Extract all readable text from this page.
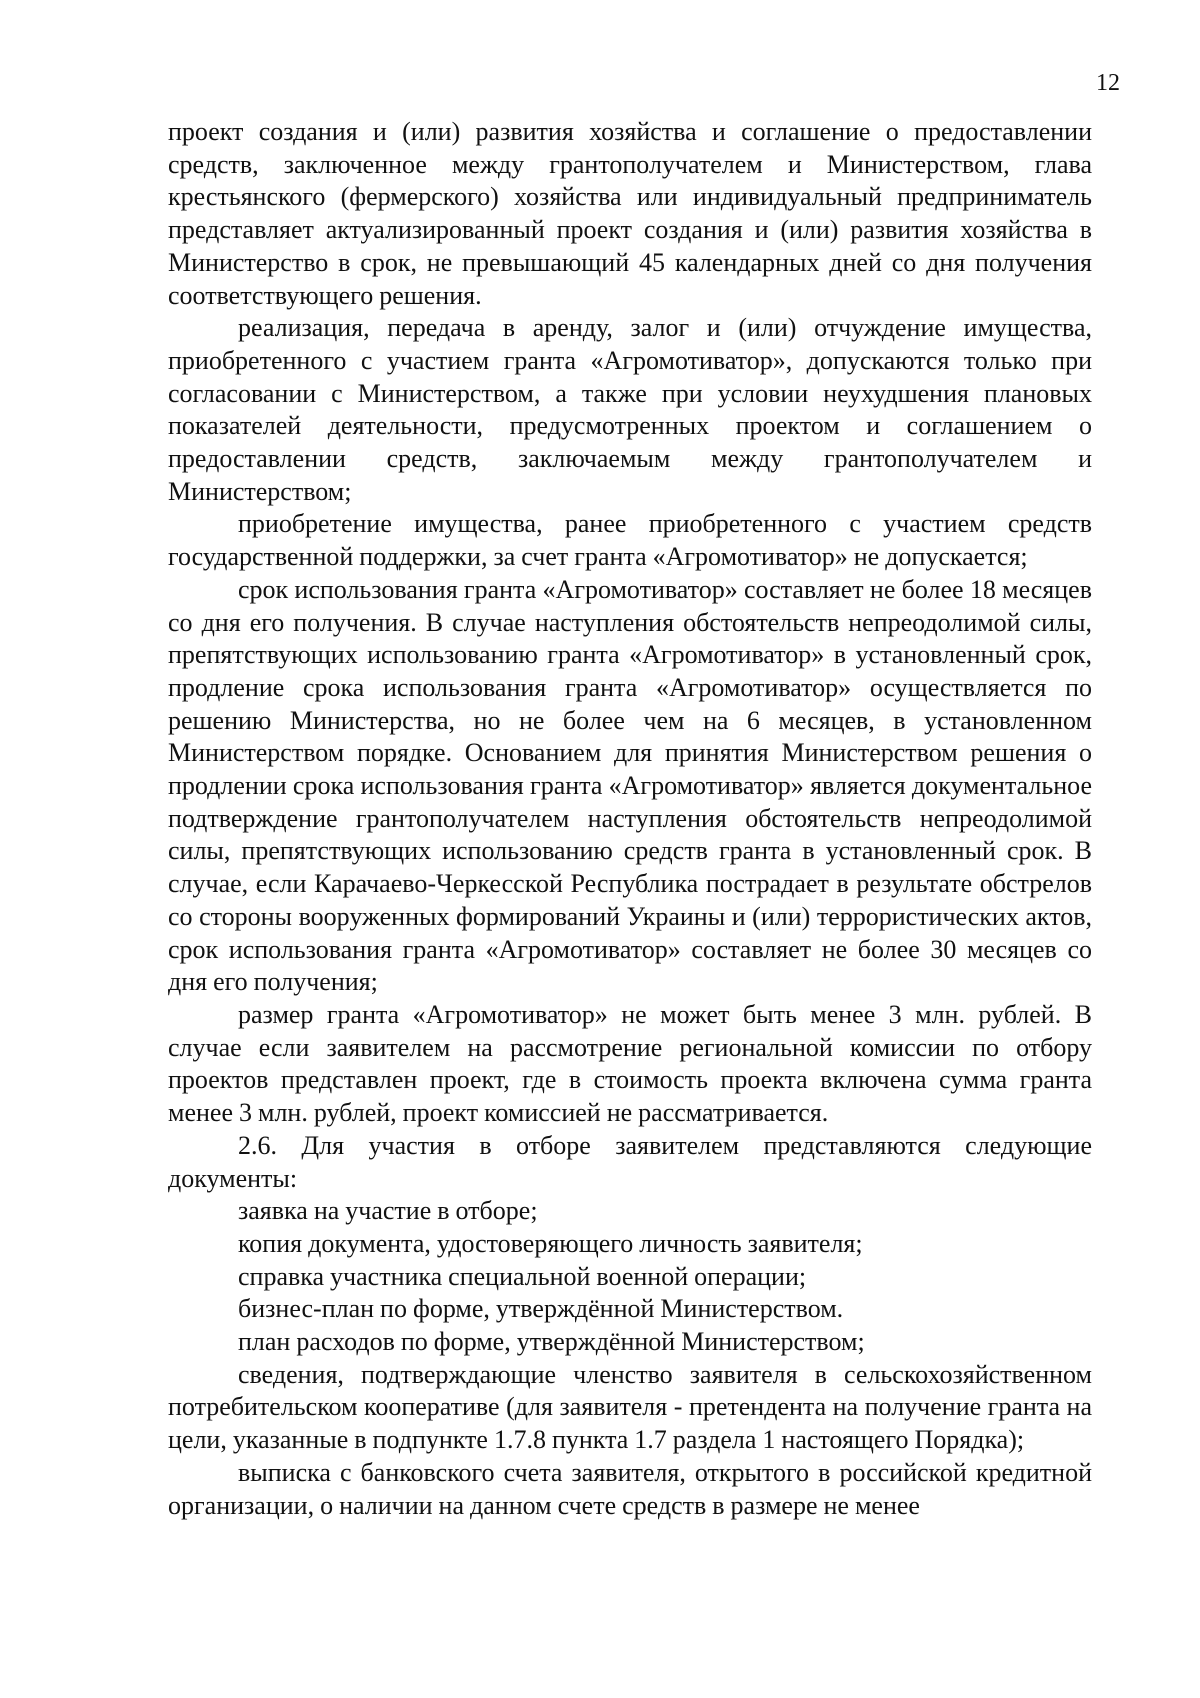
12

проект создания и (или) развития хозяйства и соглашение о предоставлении средств, заключенное между грантополучателем и Министерством, глава крестьянского (фермерского) хозяйства или индивидуальный предприниматель представляет актуализированный проект создания и (или) развития хозяйства в Министерство в срок, не превышающий 45 календарных дней со дня получения соответствующего решения.

реализация, передача в аренду, залог и (или) отчуждение имущества, приобретенного с участием гранта «Агромотиватор», допускаются только при согласовании с Министерством, а также при условии неухудшения плановых показателей деятельности, предусмотренных проектом и соглашением о предоставлении средств, заключаемым между грантополучателем и Министерством;

приобретение имущества, ранее приобретенного с участием средств государственной поддержки, за счет гранта «Агромотиватор» не допускается;

срок использования гранта «Агромотиватор» составляет не более 18 месяцев со дня его получения. В случае наступления обстоятельств непреодолимой силы, препятствующих использованию гранта «Агромотиватор» в установленный срок, продление срока использования гранта «Агромотиватор» осуществляется по решению Министерства, но не более чем на 6 месяцев, в установленном Министерством порядке. Основанием для принятия Министерством решения о продлении срока использования гранта «Агромотиватор» является документальное подтверждение грантополучателем наступления обстоятельств непреодолимой силы, препятствующих использованию средств гранта в установленный срок. В случае, если Карачаево-Черкесской Республика пострадает в результате обстрелов со стороны вооруженных формирований Украины и (или) террористических актов, срок использования гранта «Агромотиватор» составляет не более 30 месяцев со дня его получения;

размер гранта «Агромотиватор» не может быть менее 3 млн. рублей. В случае если заявителем на рассмотрение региональной комиссии по отбору проектов представлен проект, где в стоимость проекта включена сумма гранта менее 3 млн. рублей, проект комиссией не рассматривается.

2.6. Для участия в отборе заявителем представляются следующие документы:

заявка на участие в отборе;

копия документа, удостоверяющего личность заявителя;

справка участника специальной военной операции;

бизнес-план по форме, утверждённой Министерством.

план расходов по форме, утверждённой Министерством;

сведения, подтверждающие членство заявителя в сельскохозяйственном потребительском кооперативе (для заявителя - претендента на получение гранта на цели, указанные в подпункте 1.7.8 пункта 1.7 раздела 1 настоящего Порядка);

выписка с банковского счета заявителя, открытого в российской кредитной организации, о наличии на данном счете средств в размере не менее
